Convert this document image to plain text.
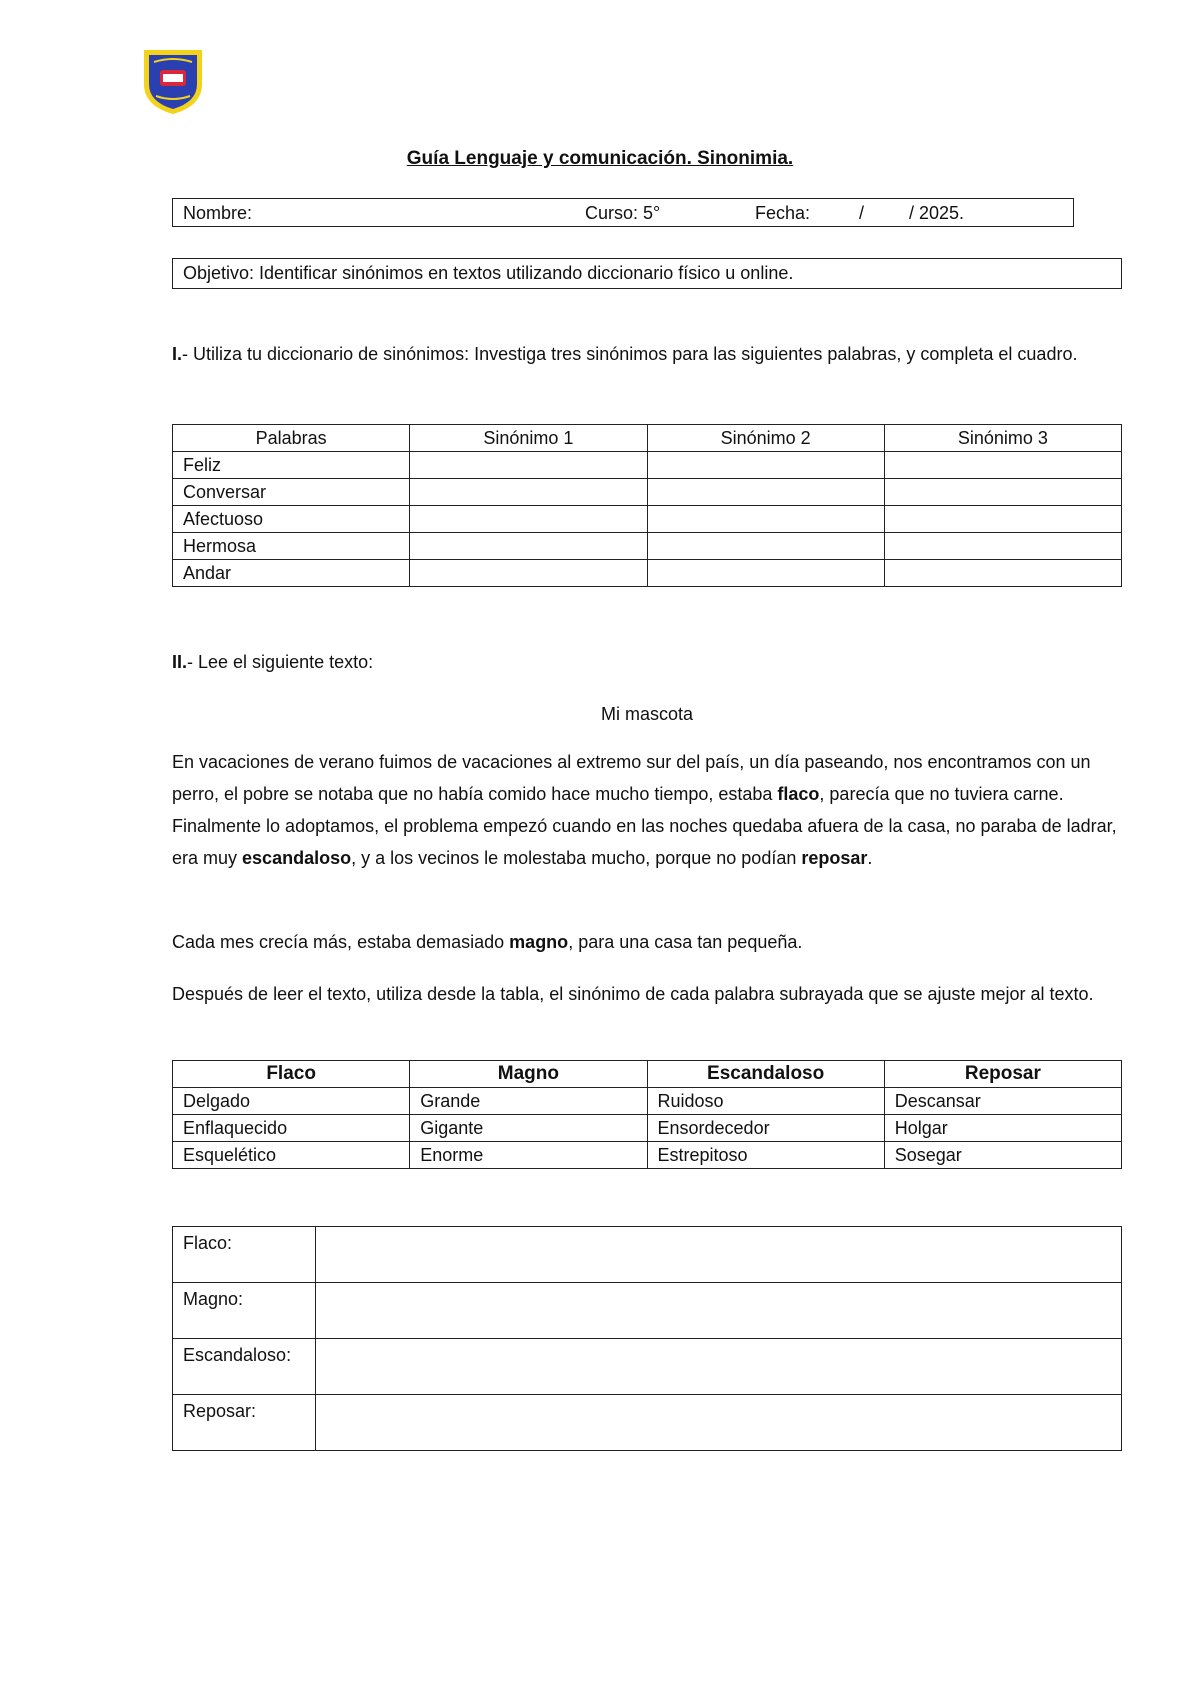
Guía Lenguaje y comunicación. Sinonimia.
Nombre:	Curso: 5°	Fecha:	/ / 2025.
Objetivo: Identificar sinónimos en textos utilizando diccionario físico u online.
I.- Utiliza tu diccionario de sinónimos: Investiga tres sinónimos para las siguientes palabras, y completa el cuadro.
Palabras	Sinónimo 1	Sinónimo 2	Sinónimo 3
Feliz			
Conversar			
Afectuoso			
Hermosa			
Andar			
II.- Lee el siguiente texto:
Mi mascota
En vacaciones de verano fuimos de vacaciones al extremo sur del país, un día paseando, nos encontramos con un perro, el pobre se notaba que no había comido hace mucho tiempo, estaba flaco, parecía que no tuviera carne. Finalmente lo adoptamos, el problema empezó cuando en las noches quedaba afuera de la casa, no paraba de ladrar, era muy escandaloso, y a los vecinos le molestaba mucho, porque no podían reposar.
Cada mes crecía más, estaba demasiado magno, para una casa tan pequeña.
Después de leer el texto, utiliza desde la tabla, el sinónimo de cada palabra subrayada que se ajuste mejor al texto.
Flaco	Magno	Escandaloso	Reposar
Delgado	Grande	Ruidoso	Descansar
Enflaquecido	Gigante	Ensordecedor	Holgar
Esquelético	Enorme	Estrepitoso	Sosegar
Flaco:	
Magno:	
Escandaloso:	
Reposar:	
